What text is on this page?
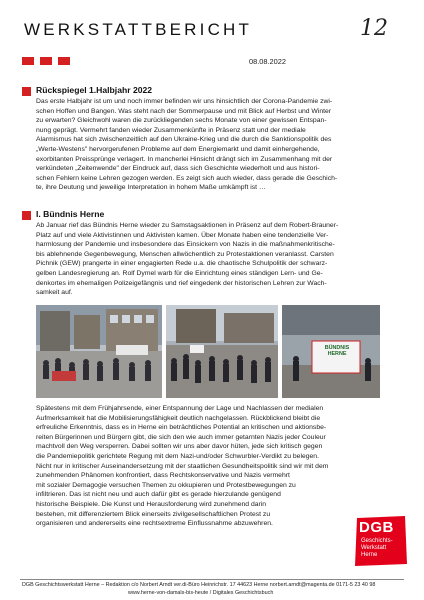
WERKSTATTBERICHT	12
08.08.2022
Rückspiegel 1.Halbjahr 2022
Das erste Halbjahr ist um und noch immer befinden wir uns hinsichtlich der Corona-Pandemie zwi-
schen Hoffen und Bangen. Was steht nach der Sommerpause und mit Blick auf Herbst und Winter
zu erwarten? Gleichwohl waren die zurückliegenden sechs Monate von einer gewissen Entspan-
nung geprägt. Vermehrt fanden wieder Zusammenkünfte in Präsenz statt und der mediale
Alarmismus hat sich zwischenzeitlich auf den Ukraine-Krieg und die durch die Sanktionspolitik des
„Werte-Westens" hervorgerufenen Probleme auf dem Energiemarkt und damit einhergehende,
exorbitanten Preissprünge verlagert. In mancherlei Hinsicht drängt sich im Zusammenhang mit der
verkündeten „Zeitenwende" der Eindruck auf, dass sich Geschichte wiederholt und aus histori-
schen Fehlern keine Lehren gezogen werden. Es zeigt sich auch wieder, dass gerade die Geschich-
te, ihre Deutung und jeweilige Interpretation in hohem Maße umkämpft ist …
I. Bündnis Herne
Ab Januar rief das Bündnis Herne wieder zu Samstagsaktionen in Präsenz auf dem Robert-Brauner-
Platz auf und viele Aktivistinnen und Aktivisten kamen. Über Monate haben eine tendenzielle Ver-
harmlosung der Pandemie und insbesondere das Einsickern von Nazis in die maßnahmenkritische-
bis ablehnende Gegenbewegung, Menschen allwöchentlich zu Protestaktionen veranlasst. Carsten
Pichnik (GEW) prangerte in einer engagierten Rede u.a. die chaotische Schulpolitik der schwarz-
gelben Landesregierung an. Rolf Dymel warb für die Einrichtung eines ständigen Lern- und Ge-
denkortes im ehemaligen Polizeigefängnis und rief eingedenk der historischen Lehren zur Wach-
samkeit auf.
BÜNDNIS HERNE
Spätestens mit dem Frühjahrsende, einer Entspannung der Lage und Nachlassen der medialen
Aufmerksamkeit hat die Mobilisierungsfähigkeit deutlich nachgelassen. Rückblickend bleibt die
erfreuliche Erkenntnis, dass es in Herne ein beträchtliches Potential an kritischen und aktionsbe-
reiten Bürgerinnen und Bürgern gibt, die sich den wie auch immer getarnten Nazis jeder Couleur
machtvoll den Weg versperren. Dabei sollten wir uns aber davor hüten, jede sich kritisch gegen
die Pandemiepolitik gerichtete Regung mit dem Nazi-und/oder Schwurbler-Verdikt zu belegen.
Nicht nur in kritischer Auseinandersetzung mit der staatlichen Gesundheitspolitik sind wir mit dem
zunehmenden Phänomen konfrontiert, dass Rechtskonservative und Nazis vermehrt
mit sozialer Demagogie versuchen Themen zu okkupieren und Protestbewegungen zu
infiltrieren. Das ist nicht neu und auch dafür gibt es gerade hierzulande genügend
historische Beispiele. Die Kunst und Herausforderung wird zunehmend darin
bestehen, mit differenziertem Blick einerseits zivilgesellschaftlichen Protest zu
organisieren und andererseits eine rechtsextreme Einflussnahme abzuwehren.	DGB
Geschichts-
Werkstatt
Herne
DGB Geschichtswerkstatt Herne – Redaktion c/o Norbert Arndt ver.di-Büro Heinrichstr. 17 44623 Herne norbert.arndt@magenta.de 0171-5 23 40 98
www.herne-von-damals-bis-heute / Digitales Geschichtsbuch
